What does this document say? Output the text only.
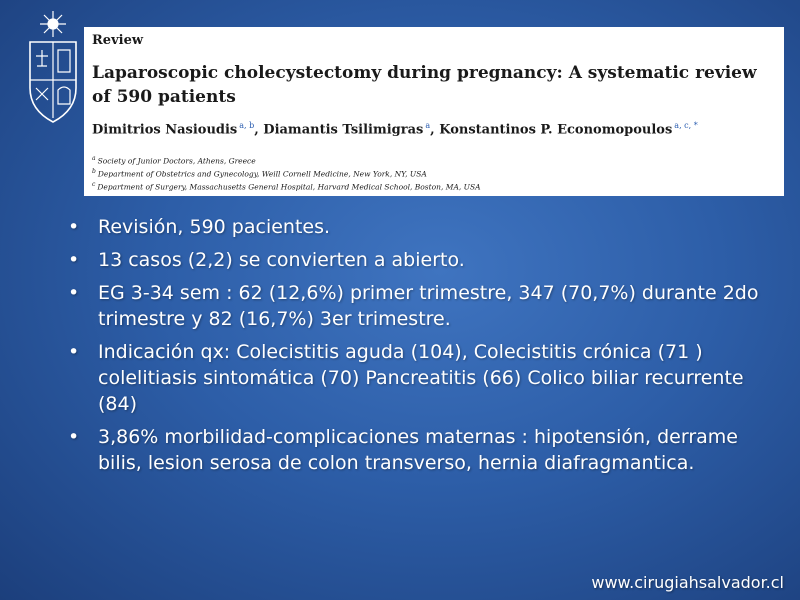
Review
Laparoscopic cholecystectomy during pregnancy: A systematic review of 590 patients
Dimitrios Nasioudis $^{a, b}$, Diamantis Tsilimigras $^a$, Konstantinos P. Economopoulos $^{a, c, *}$
$^a$ Society of Junior Doctors, Athens, Greece
$^b$ Department of Obstetrics and Gynecology, Weill Cornell Medicine, New York, NY, USA
$^c$ Department of Surgery, Massachusetts General Hospital, Harvard Medical School, Boston, MA, USA
• Revisión, 590 pacientes.
• 13 casos (2,2) se convierten a abierto.
• EG 3-34 sem : 62 (12,6%) primer trimestre, 347 (70,7%) durante 2do trimestre y 82 (16,7%) 3er trimestre.
• Indicación qx: Colecistitis aguda (104), Colecistitis crónica (71 ) colelitiasis sintomática (70) Pancreatitis (66) Colico biliar recurrente (84)
• 3,86% morbilidad-complicaciones maternas : hipotensión, derrame bilis, lesion serosa de colon transverso, hernia diafragmantica.
www.cirugiahsalvador.cl
